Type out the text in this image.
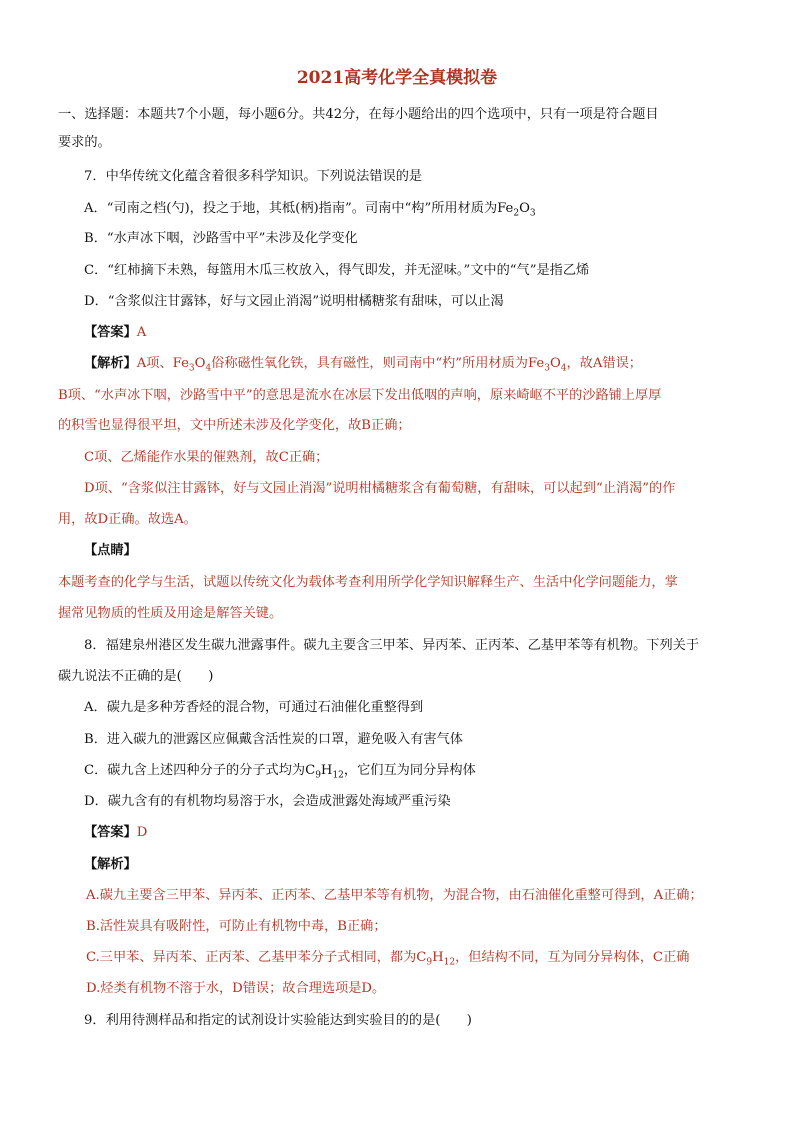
2021高考化学全真模拟卷
一、选择题：本题共7个小题，每小题6分。共42分，在每小题给出的四个选项中，只有一项是符合题目
要求的。
7．中华传统文化蕴含着很多科学知识。下列说法错误的是
A．“司南之档(勺)，投之于地，其柢(柄)指南”。司南中“构”所用材质为$Fe_2O_3$
B．“水声冰下咽，沙路雪中平”未涉及化学变化
C．“红柿摘下未熟，每篮用木瓜三枚放入，得气即发，并无涩味。”文中的“气”是指乙烯
D．“含浆似注甘露钵，好与文园止消渴”说明柑橘糖浆有甜味，可以止渴
【答案】A
【解析】A项、$Fe_3O_4$俗称磁性氧化铁，具有磁性，则司南中“杓”所用材质为$Fe_3O_4$，故A错误；
B项、“水声冰下咽，沙路雪中平”的意思是流水在冰层下发出低咽的声响，原来崎岖不平的沙路铺上厚厚
的积雪也显得很平坦，文中所述未涉及化学变化，故B正确；
C项、乙烯能作水果的催熟剂，故C正确；
D项、“含浆似注甘露钵，好与文园止消渴”说明柑橘糖浆含有葡萄糖，有甜味，可以起到“止消渴”的作
用，故D正确。故选A。
【点睛】
本题考查的化学与生活，试题以传统文化为载体考查利用所学化学知识解释生产、生活中化学问题能力，掌
握常见物质的性质及用途是解答关键。
8．福建泉州港区发生碳九泄露事件。碳九主要含三甲苯、异丙苯、正丙苯、乙基甲苯等有机物。下列关于
碳九说法不正确的是(　　)
A．碳九是多种芳香烃的混合物，可通过石油催化重整得到
B．进入碳九的泄露区应佩戴含活性炭的口罩，避免吸入有害气体
C．碳九含上述四种分子的分子式均为$C_9H_{12}$，它们互为同分异构体
D．碳九含有的有机物均易溶于水，会造成泄露处海域严重污染
【答案】D
【解析】
A.碳九主要含三甲苯、异丙苯、正丙苯、乙基甲苯等有机物，为混合物，由石油催化重整可得到，A正确；
B.活性炭具有吸附性，可防止有机物中毒，B正确；
C.三甲苯、异丙苯、正丙苯、乙基甲苯分子式相同，都为$C_9H_{12}$，但结构不同，互为同分异构体，C正确
D.烃类有机物不溶于水，D错误；故合理选项是D。
9．利用待测样品和指定的试剂设计实验能达到实验目的的是(　　)
